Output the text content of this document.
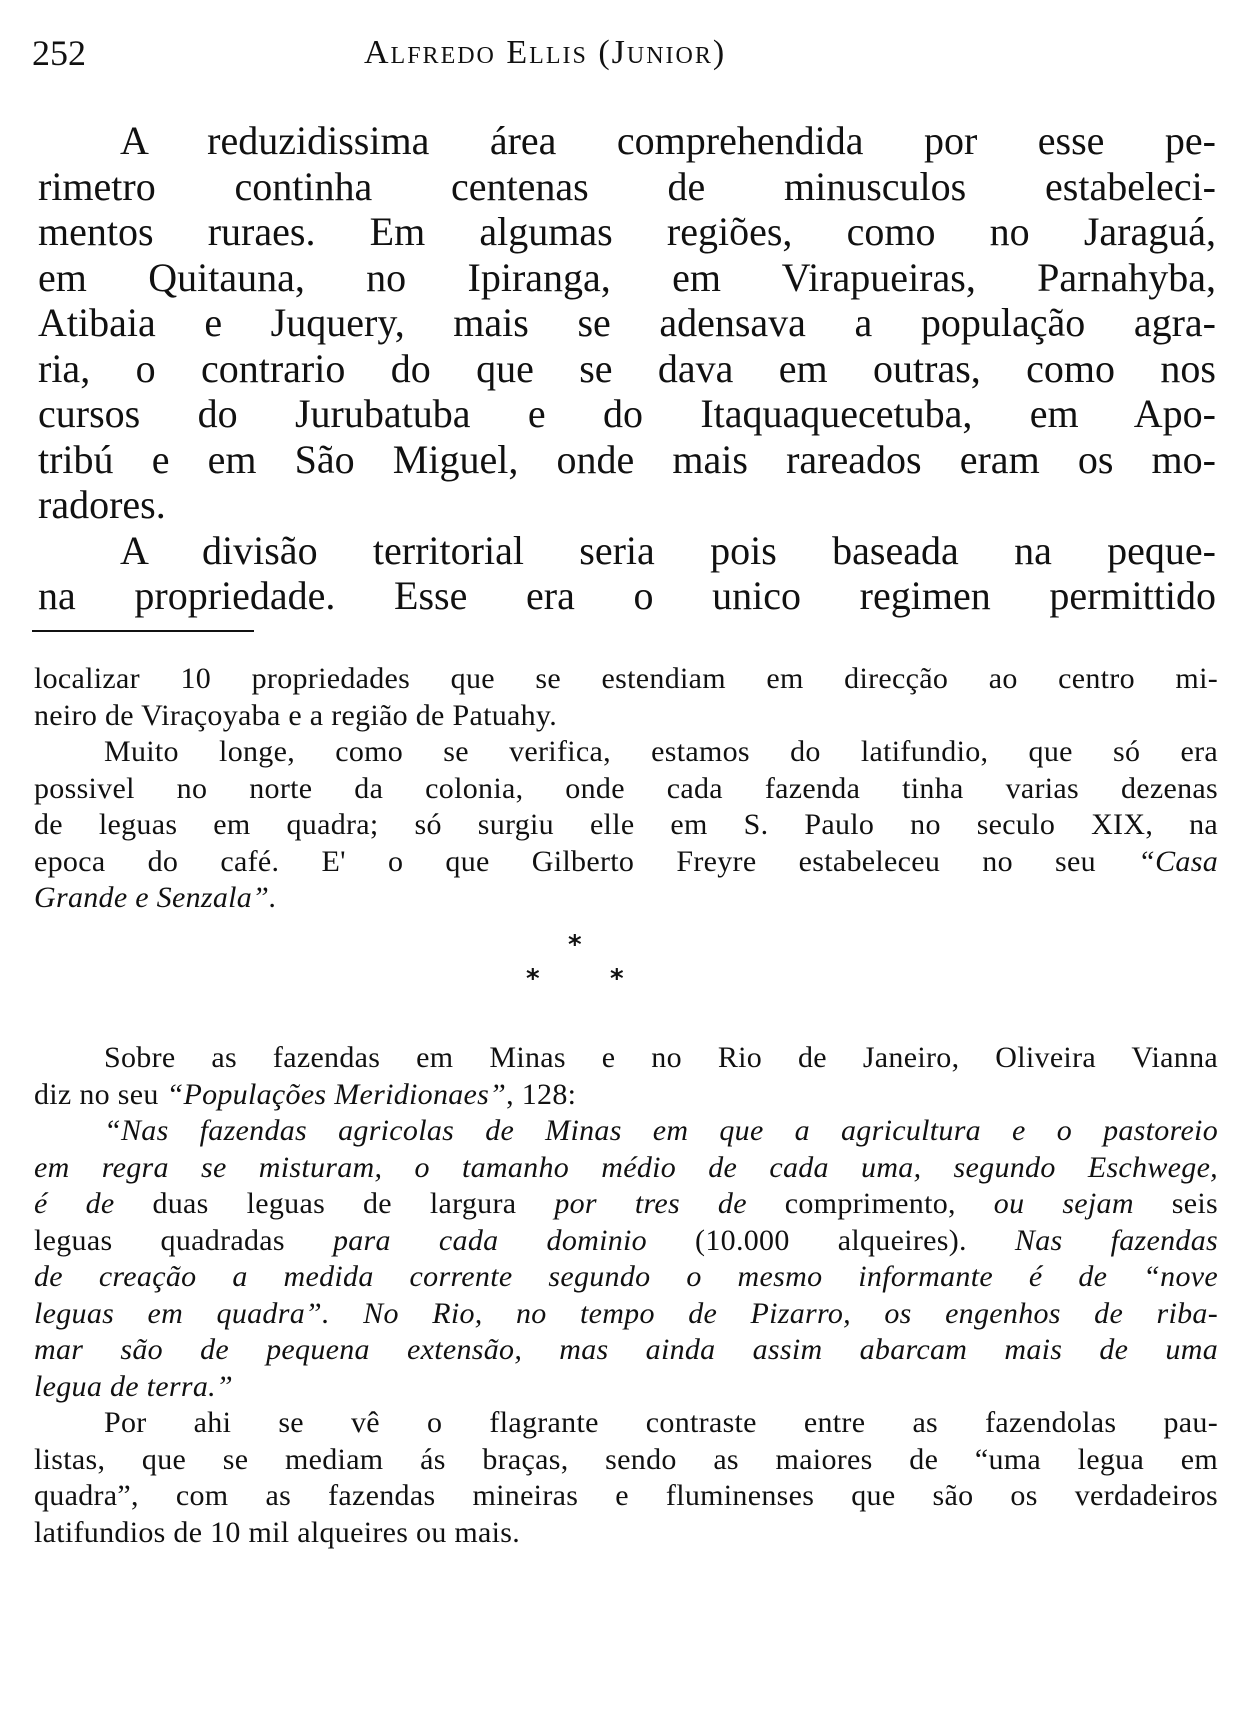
252	Alfredo Ellis (Junior)
A reduzidissima área comprehendida por esse pe-
rimetro continha centenas de minusculos estabeleci-
mentos ruraes. Em algumas regiões, como no Jaraguá,
em Quitauna, no Ipiranga, em Virapueiras, Parnahyba,
Atibaia e Juquery, mais se adensava a população agra-
ria, o contrario do que se dava em outras, como nos
cursos do Jurubatuba e do Itaquaquecetuba, em Apo-
tribú e em São Miguel, onde mais rareados eram os mo-
radores.
A divisão territorial seria pois baseada na peque-
na propriedade. Esse era o unico regimen permittido
localizar 10 propriedades que se estendiam em direcção ao centro mi-
neiro de Viraçoyaba e a região de Patuahy.
Muito longe, como se verifica, estamos do latifundio, que só era
possivel no norte da colonia, onde cada fazenda tinha varias dezenas
de leguas em quadra; só surgiu elle em S. Paulo no seculo XIX, na
epoca do café. E' o que Gilberto Freyre estabeleceu no seu “Casa
Grande e Senzala”.
*
*	*
Sobre as fazendas em Minas e no Rio de Janeiro, Oliveira Vianna
diz no seu “Populações Meridionaes”, 128:
“Nas fazendas agricolas de Minas em que a agricultura e o pastoreio
em regra se misturam, o tamanho médio de cada uma, segundo Eschwege,
é de duas leguas de largura por tres de comprimento, ou sejam seis
leguas quadradas para cada dominio (10.000 alqueires). Nas fazendas
de creação a medida corrente segundo o mesmo informante é de “nove
leguas em quadra”. No Rio, no tempo de Pizarro, os engenhos de riba-
mar são de pequena extensão, mas ainda assim abarcam mais de uma
legua de terra.”
Por ahi se vê o flagrante contraste entre as fazendolas pau-
listas, que se mediam ás braças, sendo as maiores de “uma legua em
quadra”, com as fazendas mineiras e fluminenses que são os verdadeiros
latifundios de 10 mil alqueires ou mais.
